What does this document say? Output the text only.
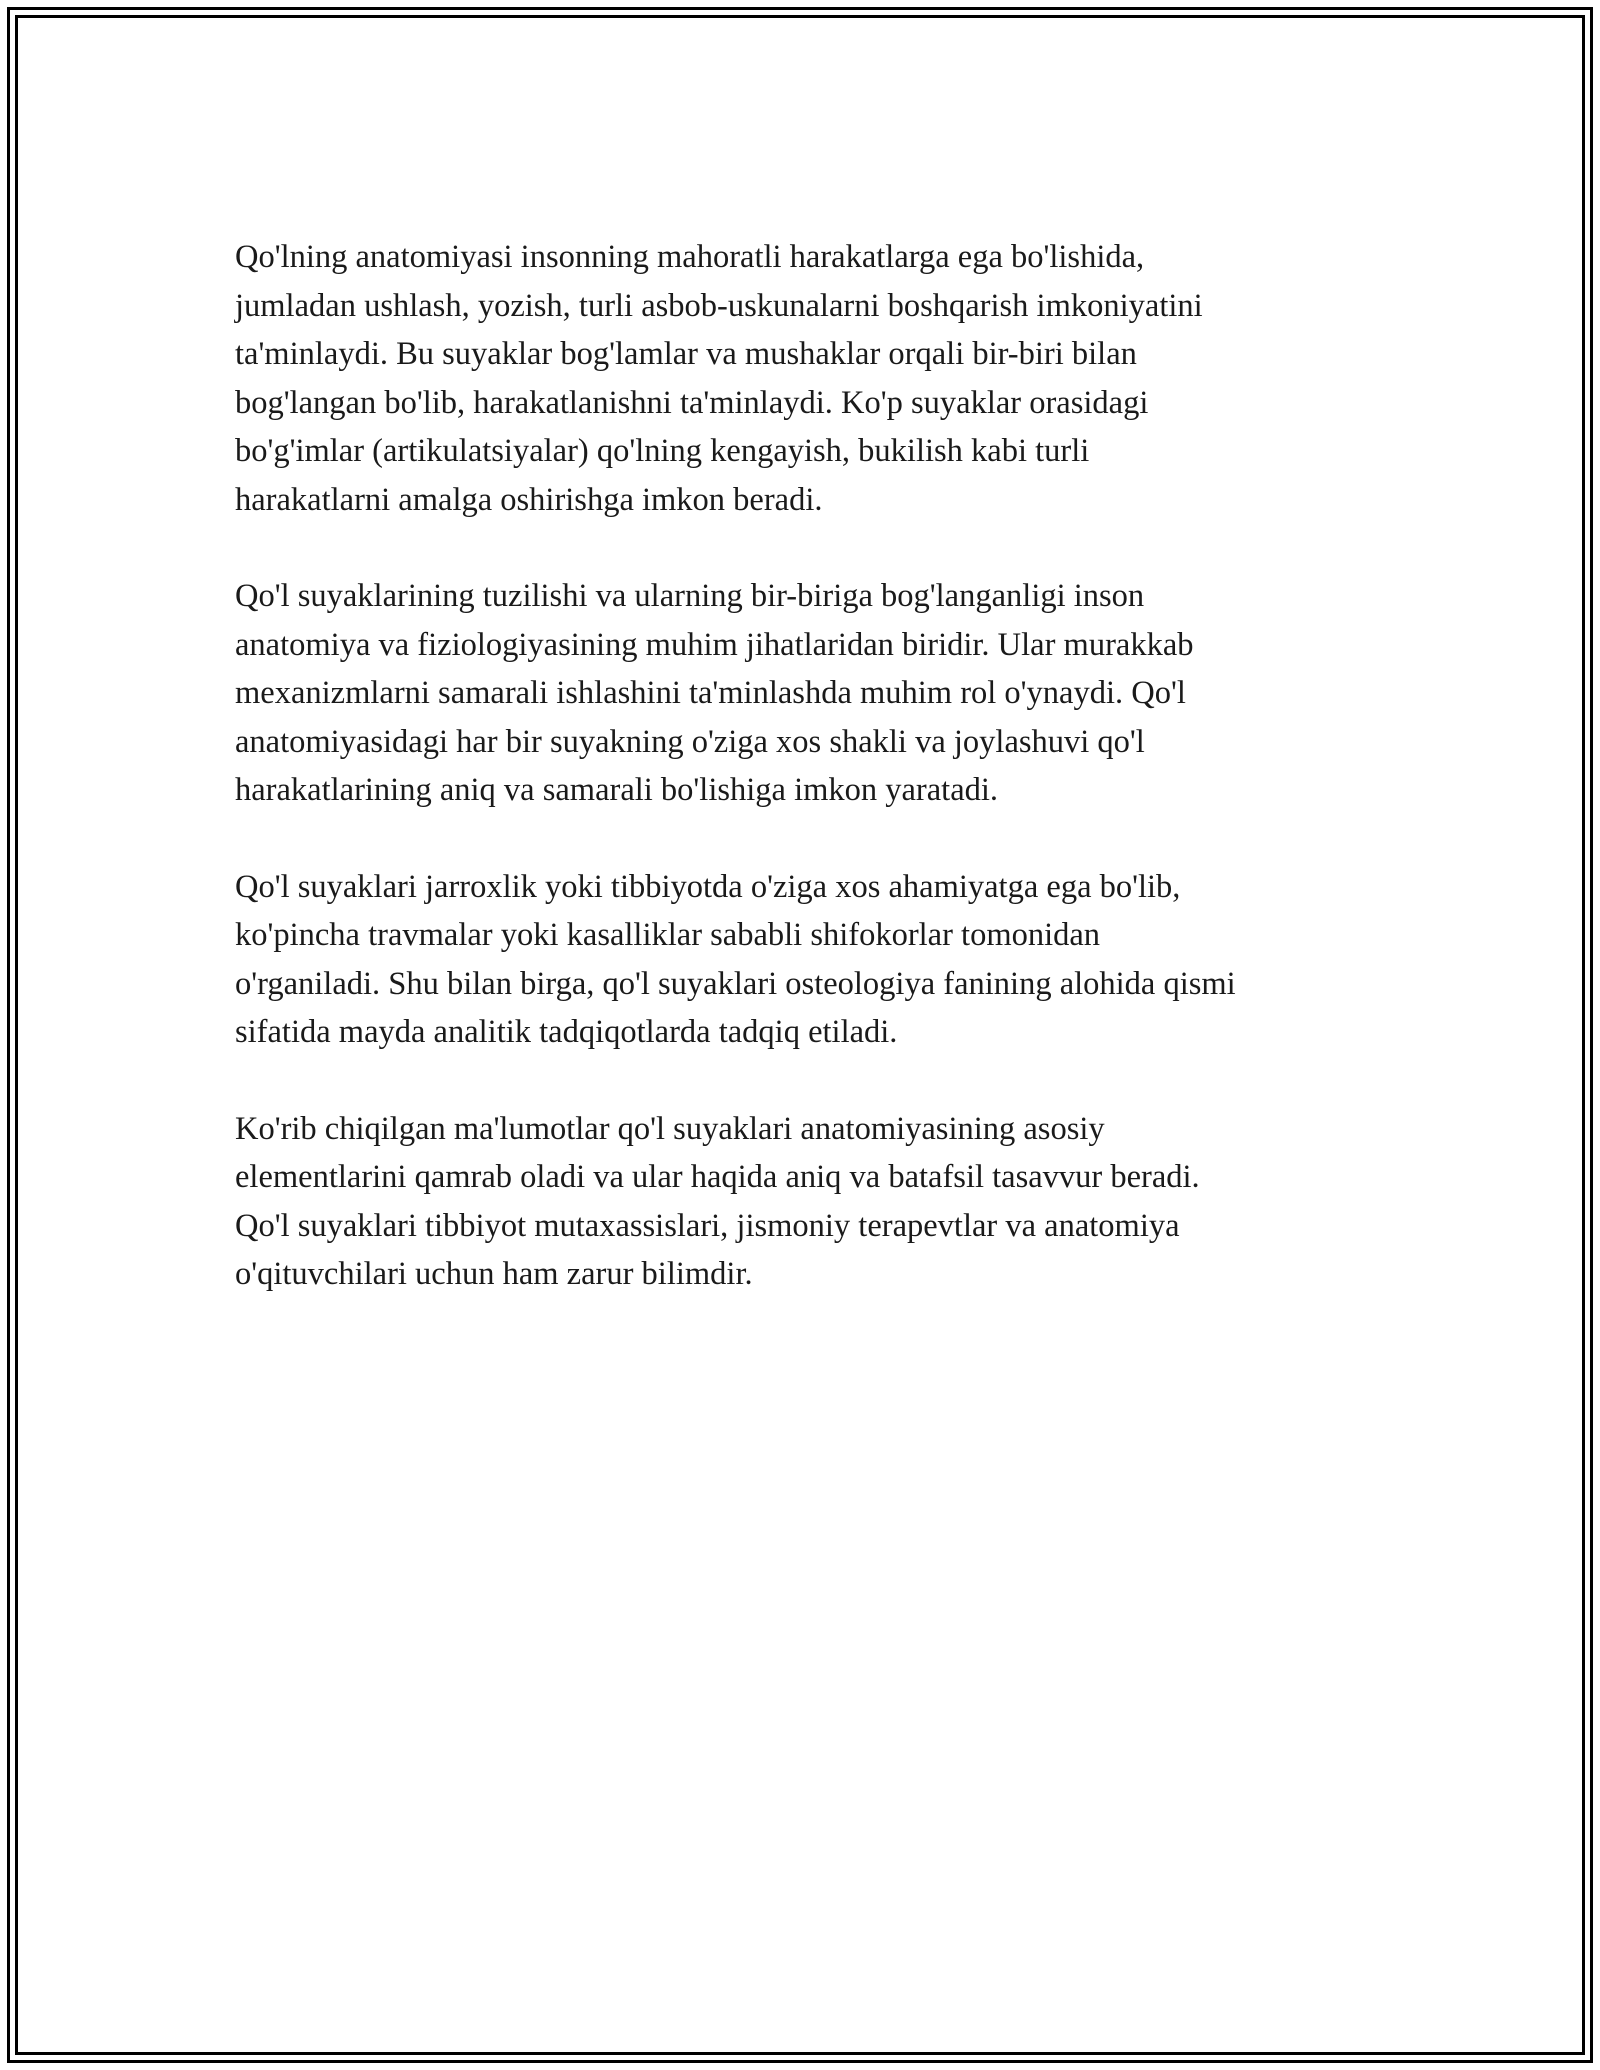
Qo'lning anatomiyasi insonning mahoratli harakatlarga ega bo'lishida,
jumladan ushlash, yozish, turli asbob-uskunalarni boshqarish imkoniyatini
ta'minlaydi. Bu suyaklar bog'lamlar va mushaklar orqali bir-biri bilan
bog'langan bo'lib, harakatlanishni ta'minlaydi. Ko'p suyaklar orasidagi
bo'g'imlar (artikulatsiyalar) qo'lning kengayish, bukilish kabi turli
harakatlarni amalga oshirishga imkon beradi.

Qo'l suyaklarining tuzilishi va ularning bir-biriga bog'langanligi inson
anatomiya va fiziologiyasining muhim jihatlaridan biridir. Ular murakkab
mexanizmlarni samarali ishlashini ta'minlashda muhim rol o'ynaydi. Qo'l
anatomiyasidagi har bir suyakning o'ziga xos shakli va joylashuvi qo'l
harakatlarining aniq va samarali bo'lishiga imkon yaratadi.

Qo'l suyaklari jarroxlik yoki tibbiyotda o'ziga xos ahamiyatga ega bo'lib,
ko'pincha travmalar yoki kasalliklar sababli shifokorlar tomonidan
o'rganiladi. Shu bilan birga, qo'l suyaklari osteologiya fanining alohida qismi
sifatida mayda analitik tadqiqotlarda tadqiq etiladi.

Ko'rib chiqilgan ma'lumotlar qo'l suyaklari anatomiyasining asosiy
elementlarini qamrab oladi va ular haqida aniq va batafsil tasavvur beradi.
Qo'l suyaklari tibbiyot mutaxassislari, jismoniy terapevtlar va anatomiya
o'qituvchilari uchun ham zarur bilimdir.
